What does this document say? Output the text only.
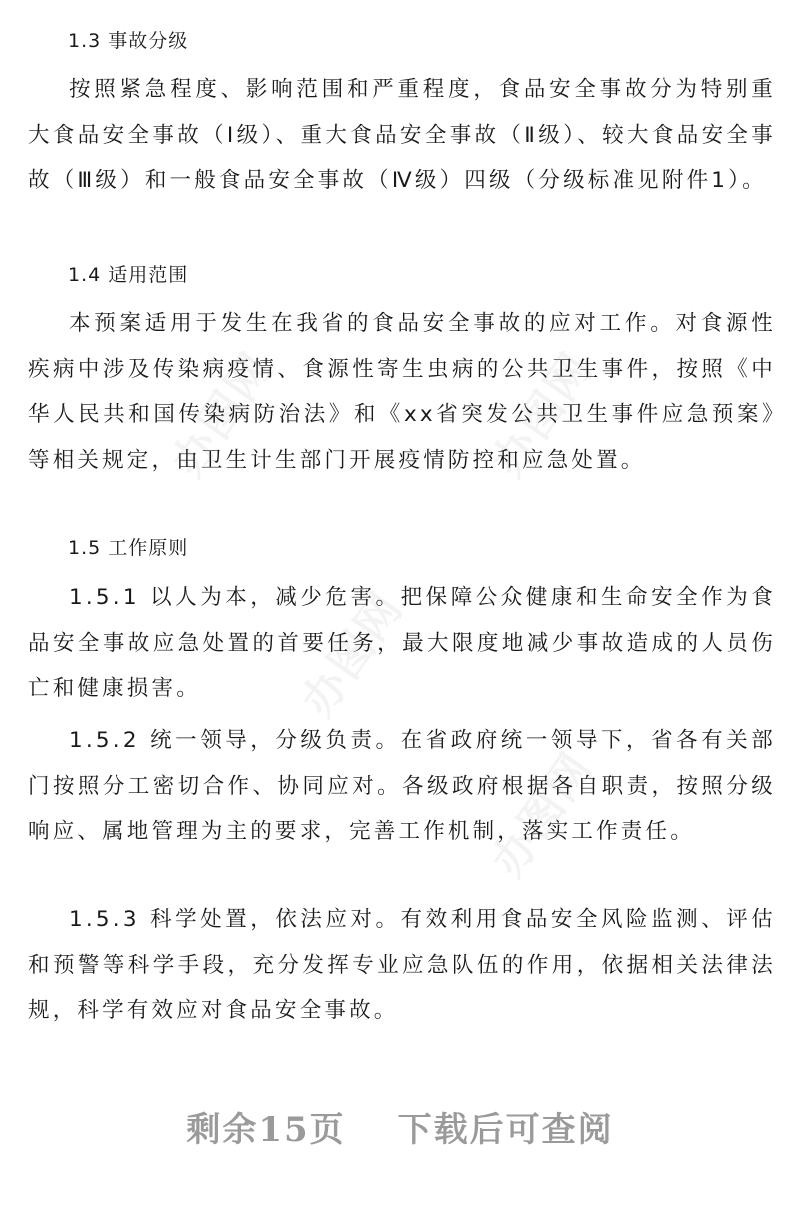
办图网	办图网
办图网
办图网
1.3 事故分级

按照紧急程度、影响范围和严重程度，食品安全事故分为特别重大食品安全事故（Ⅰ级）、重大食品安全事故（Ⅱ级）、较大食品安全事故（Ⅲ级）和一般食品安全事故（Ⅳ级）四级（分级标准见附件1）。

1.4 适用范围

本预案适用于发生在我省的食品安全事故的应对工作。对食源性疾病中涉及传染病疫情、食源性寄生虫病的公共卫生事件，按照《中华人民共和国传染病防治法》和《xx省突发公共卫生事件应急预案》等相关规定，由卫生计生部门开展疫情防控和应急处置。

1.5 工作原则

1.5.1 以人为本，减少危害。把保障公众健康和生命安全作为食品安全事故应急处置的首要任务，最大限度地减少事故造成的人员伤亡和健康损害。

1.5.2 统一领导，分级负责。在省政府统一领导下，省各有关部门按照分工密切合作、协同应对。各级政府根据各自职责，按照分级响应、属地管理为主的要求，完善工作机制，落实工作责任。

1.5.3 科学处置，依法应对。有效利用食品安全风险监测、评估和预警等科学手段，充分发挥专业应急队伍的作用，依据相关法律法规，科学有效应对食品安全事故。

剩余15页 下载后可查阅
